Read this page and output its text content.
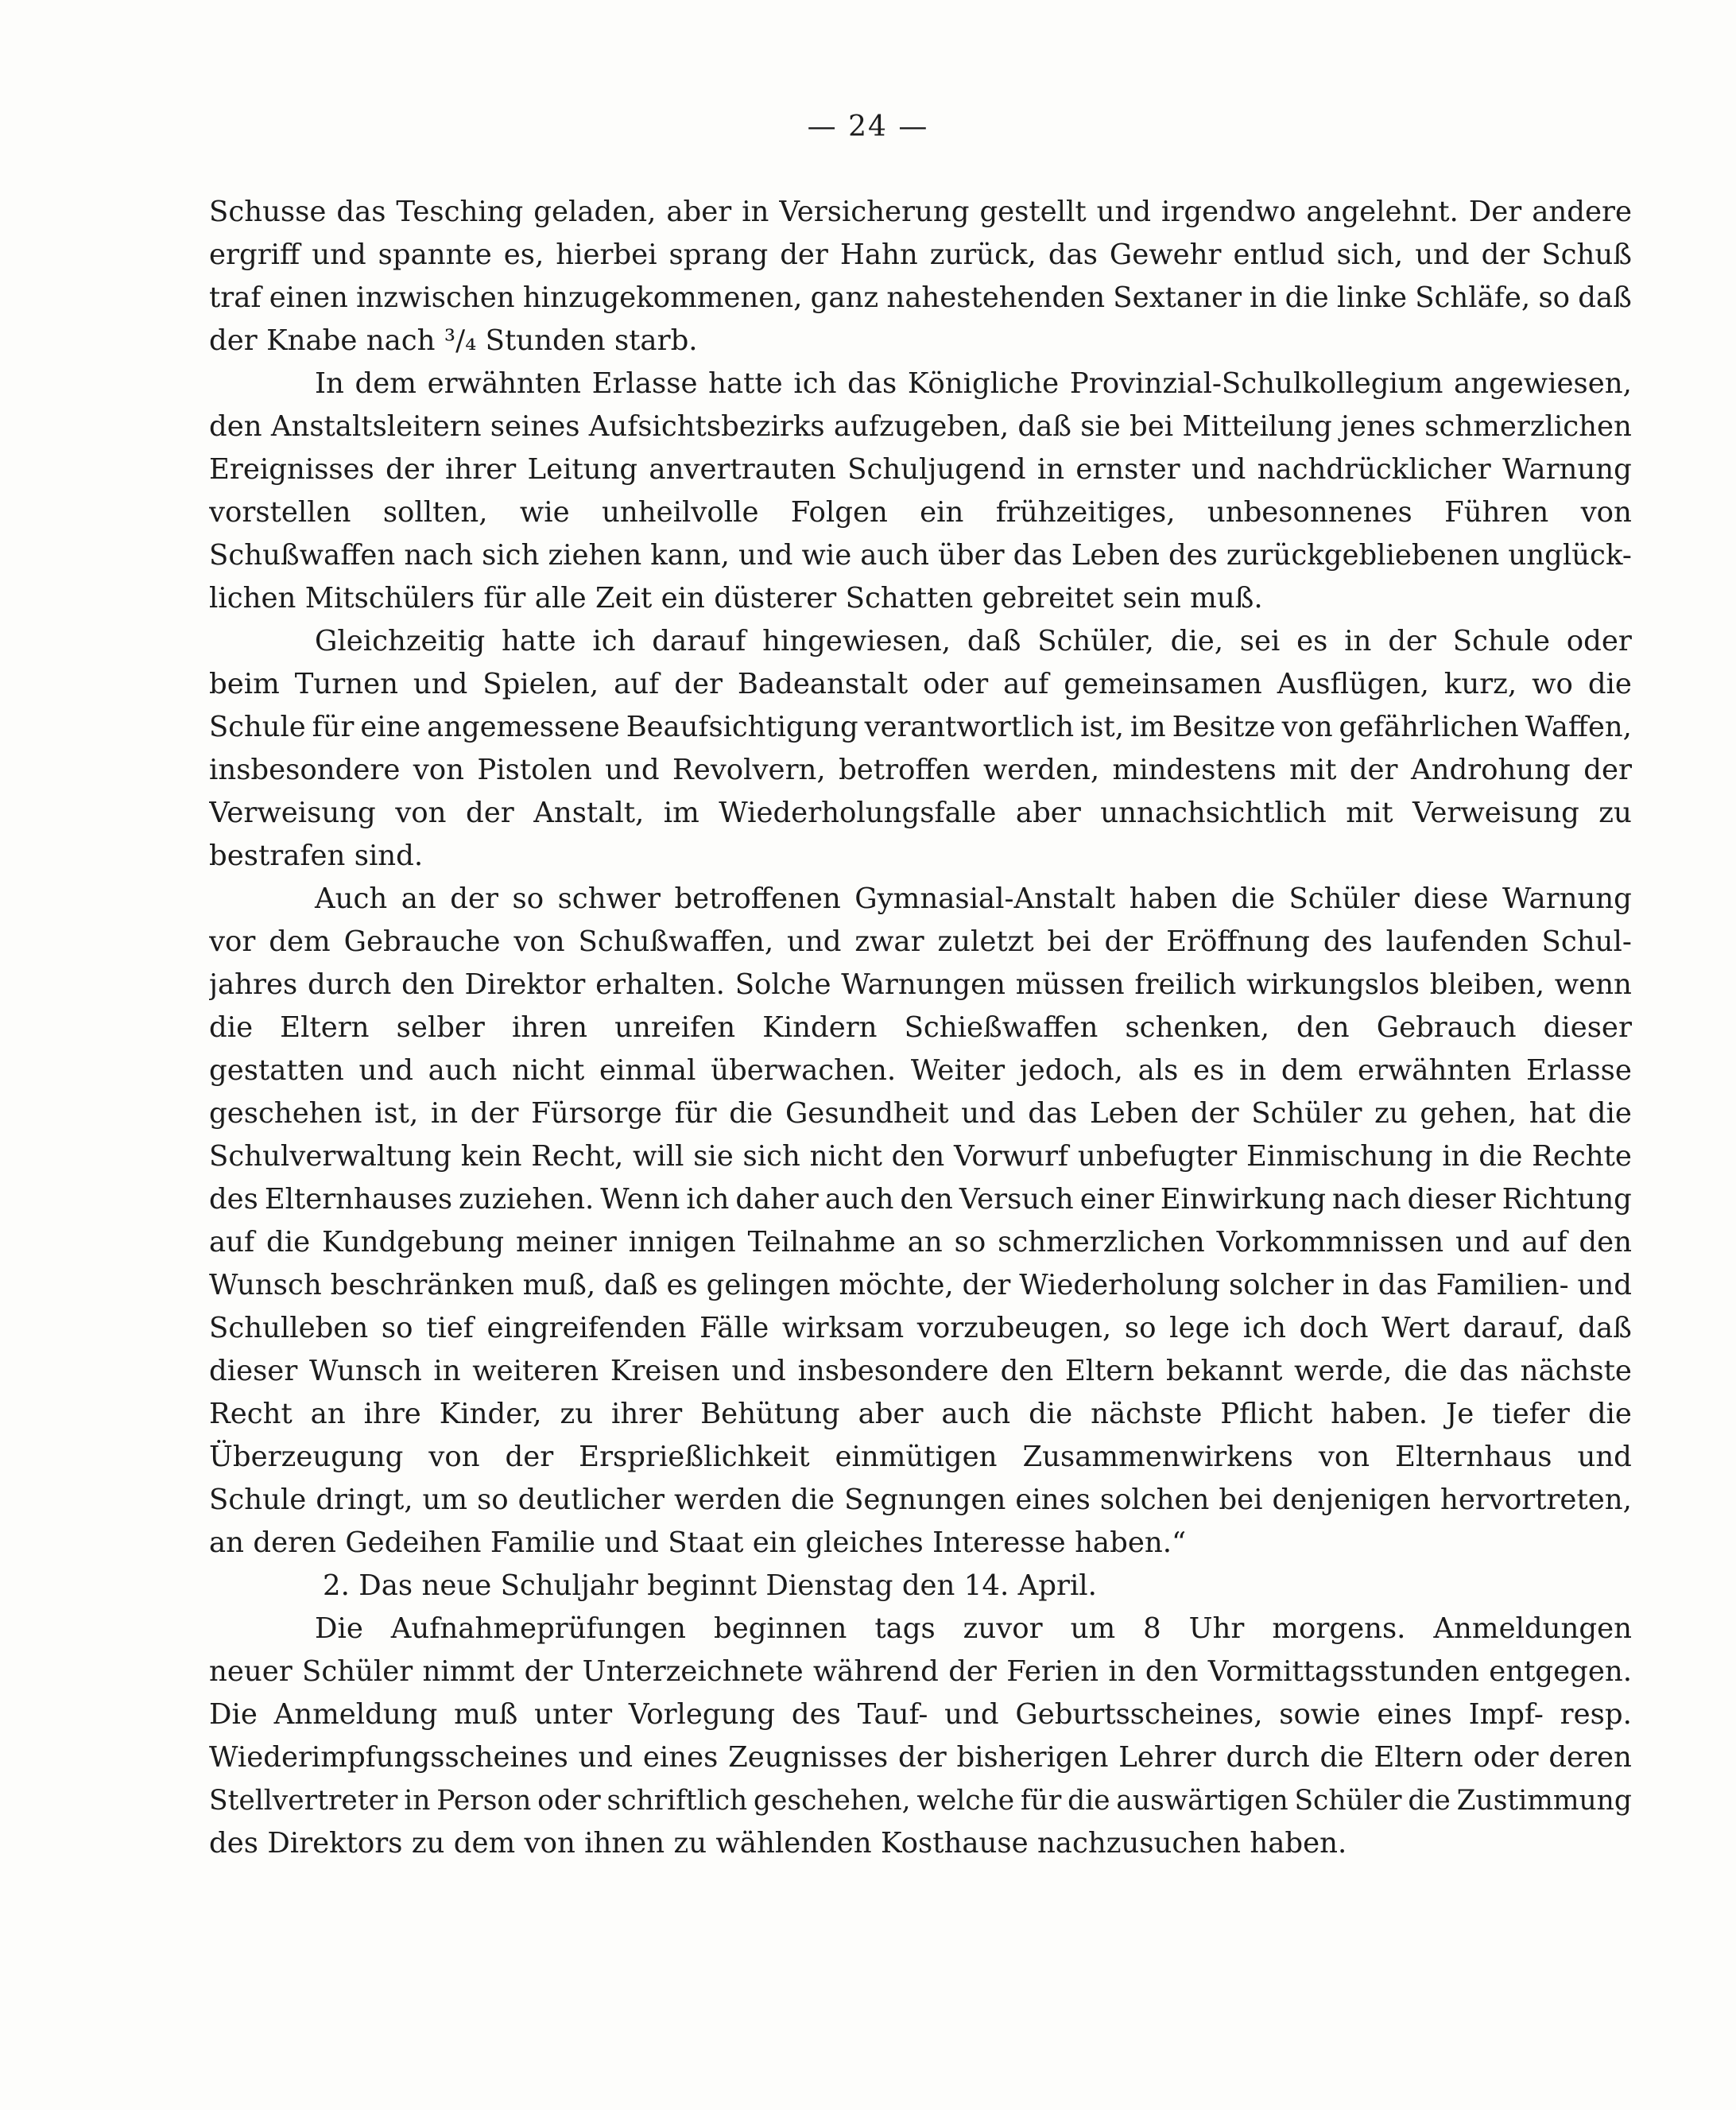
— 24 —
Schusse das Tesching geladen, aber in Versicherung gestellt und irgendwo angelehnt. Der andere
ergriff und spannte es, hierbei sprang der Hahn zurück, das Gewehr entlud sich, und der Schuß
traf einen inzwischen hinzugekommenen, ganz nahestehenden Sextaner in die linke Schläfe, so daß
der Knabe nach ³/₄ Stunden starb.
In dem erwähnten Erlasse hatte ich das Königliche Provinzial-Schulkollegium angewiesen,
den Anstaltsleitern seines Aufsichtsbezirks aufzugeben, daß sie bei Mitteilung jenes schmerzlichen
Ereignisses der ihrer Leitung anvertrauten Schuljugend in ernster und nachdrücklicher Warnung
vorstellen sollten, wie unheilvolle Folgen ein frühzeitiges, unbesonnenes Führen von
Schußwaffen nach sich ziehen kann, und wie auch über das Leben des zurückgebliebenen unglück-
lichen Mitschülers für alle Zeit ein düsterer Schatten gebreitet sein muß.
Gleichzeitig hatte ich darauf hingewiesen, daß Schüler, die, sei es in der Schule oder
beim Turnen und Spielen, auf der Badeanstalt oder auf gemeinsamen Ausflügen, kurz, wo die
Schule für eine angemessene Beaufsichtigung verantwortlich ist, im Besitze von gefährlichen Waffen,
insbesondere von Pistolen und Revolvern, betroffen werden, mindestens mit der Androhung der
Verweisung von der Anstalt, im Wiederholungsfalle aber unnachsichtlich mit Verweisung zu
bestrafen sind.
Auch an der so schwer betroffenen Gymnasial-Anstalt haben die Schüler diese Warnung
vor dem Gebrauche von Schußwaffen, und zwar zuletzt bei der Eröffnung des laufenden Schul-
jahres durch den Direktor erhalten. Solche Warnungen müssen freilich wirkungslos bleiben, wenn
die Eltern selber ihren unreifen Kindern Schießwaffen schenken, den Gebrauch dieser
gestatten und auch nicht einmal überwachen. Weiter jedoch, als es in dem erwähnten Erlasse
geschehen ist, in der Fürsorge für die Gesundheit und das Leben der Schüler zu gehen, hat die
Schulverwaltung kein Recht, will sie sich nicht den Vorwurf unbefugter Einmischung in die Rechte
des Elternhauses zuziehen. Wenn ich daher auch den Versuch einer Einwirkung nach dieser Richtung
auf die Kundgebung meiner innigen Teilnahme an so schmerzlichen Vorkommnissen und auf den
Wunsch beschränken muß, daß es gelingen möchte, der Wiederholung solcher in das Familien- und
Schulleben so tief eingreifenden Fälle wirksam vorzubeugen, so lege ich doch Wert darauf, daß
dieser Wunsch in weiteren Kreisen und insbesondere den Eltern bekannt werde, die das nächste
Recht an ihre Kinder, zu ihrer Behütung aber auch die nächste Pflicht haben. Je tiefer die
Überzeugung von der Ersprießlichkeit einmütigen Zusammenwirkens von Elternhaus und
Schule dringt, um so deutlicher werden die Segnungen eines solchen bei denjenigen hervortreten,
an deren Gedeihen Familie und Staat ein gleiches Interesse haben.“
2. Das neue Schuljahr beginnt Dienstag den 14. April.
Die Aufnahmeprüfungen beginnen tags zuvor um 8 Uhr morgens. Anmeldungen
neuer Schüler nimmt der Unterzeichnete während der Ferien in den Vormittagsstunden entgegen.
Die Anmeldung muß unter Vorlegung des Tauf- und Geburtsscheines, sowie eines Impf- resp.
Wiederimpfungsscheines und eines Zeugnisses der bisherigen Lehrer durch die Eltern oder deren
Stellvertreter in Person oder schriftlich geschehen, welche für die auswärtigen Schüler die Zustimmung
des Direktors zu dem von ihnen zu wählenden Kosthause nachzusuchen haben.
